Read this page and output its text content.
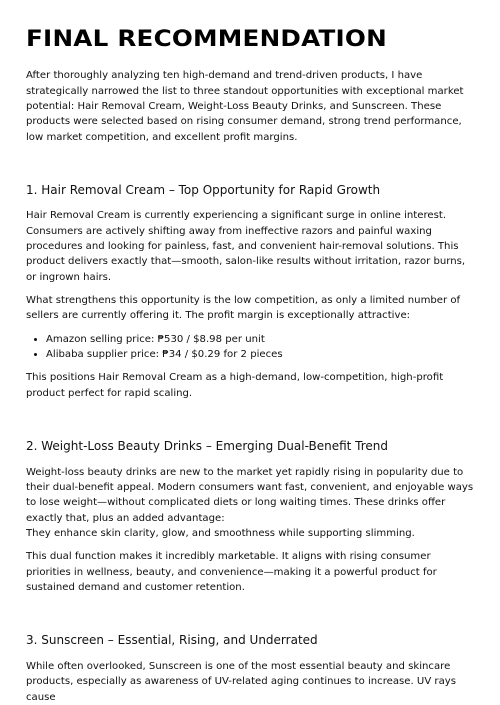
FINAL RECOMMENDATION

After thoroughly analyzing ten high-demand and trend-driven products, I have strategically narrowed the list to three standout opportunities with exceptional market potential: Hair Removal Cream, Weight-Loss Beauty Drinks, and Sunscreen. These products were selected based on rising consumer demand, strong trend performance, low market competition, and excellent profit margins.

1. Hair Removal Cream – Top Opportunity for Rapid Growth

Hair Removal Cream is currently experiencing a significant surge in online interest. Consumers are actively shifting away from ineffective razors and painful waxing procedures and looking for painless, fast, and convenient hair-removal solutions. This product delivers exactly that—smooth, salon-like results without irritation, razor burns, or ingrown hairs.

What strengthens this opportunity is the low competition, as only a limited number of sellers are currently offering it. The profit margin is exceptionally attractive:

• Amazon selling price: ₱530 / $8.98 per unit
• Alibaba supplier price: ₱34 / $0.29 for 2 pieces

This positions Hair Removal Cream as a high-demand, low-competition, high-profit product perfect for rapid scaling.

2. Weight-Loss Beauty Drinks – Emerging Dual-Benefit Trend

Weight-loss beauty drinks are new to the market yet rapidly rising in popularity due to their dual-benefit appeal. Modern consumers want fast, convenient, and enjoyable ways to lose weight—without complicated diets or long waiting times. These drinks offer exactly that, plus an added advantage:

They enhance skin clarity, glow, and smoothness while supporting slimming.

This dual function makes it incredibly marketable. It aligns with rising consumer priorities in wellness, beauty, and convenience—making it a powerful product for sustained demand and customer retention.

3. Sunscreen – Essential, Rising, and Underrated

While often overlooked, Sunscreen is one of the most essential beauty and skincare products, especially as awareness of UV-related aging continues to increase. UV rays cause
